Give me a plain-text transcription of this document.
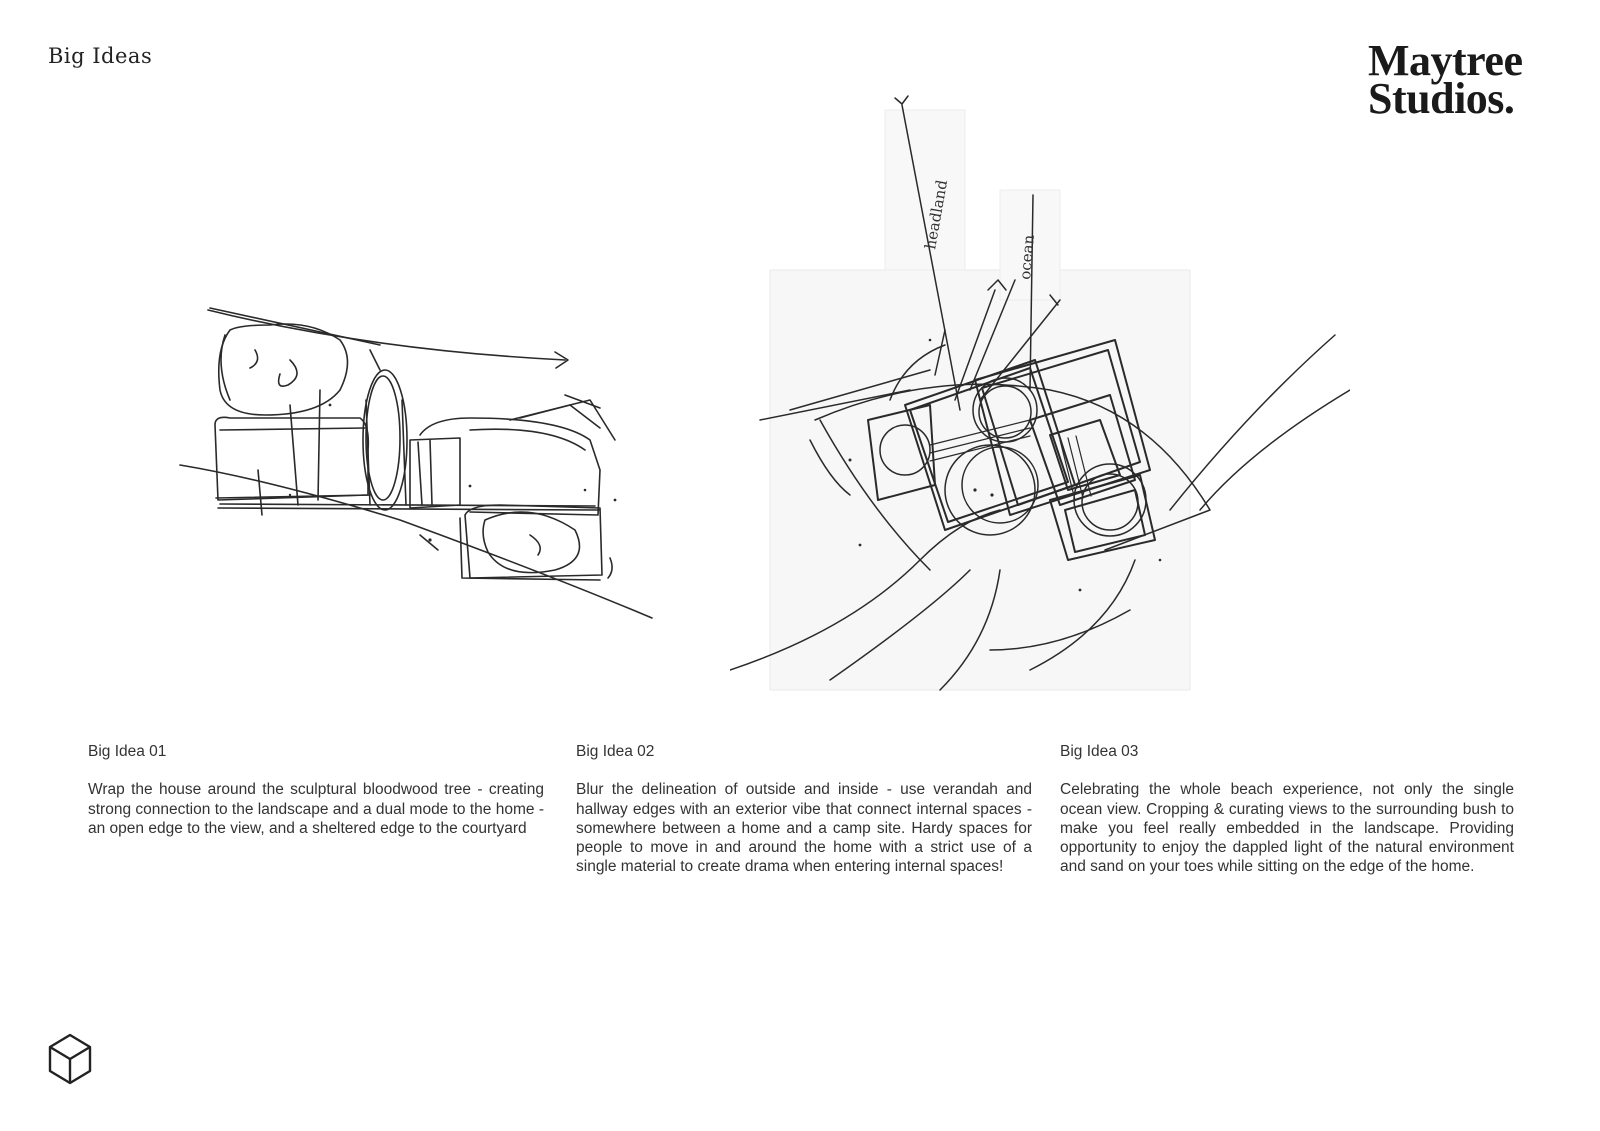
Big Ideas	Maytree
Studios.
headland
ocean
Big Idea 01

Wrap the house around the sculptural bloodwood tree - creating strong connection to the landscape and a dual mode to the home - an open edge to the view, and a sheltered edge to the courtyard

Big Idea 02

Blur the delineation of outside and inside - use verandah and hallway edges with an exterior vibe that connect internal spaces - somewhere between a home and a camp site. Hardy spaces for people to move in and around the home with a strict use of a single material to create drama when entering internal spaces!

Big Idea 03

Celebrating the whole beach experience, not only the single ocean view. Cropping & curating views to the surrounding bush to make you feel really embedded in the landscape. Providing opportunity to enjoy the dappled light of the natural environment and sand on your toes while sitting on the edge of the home.
